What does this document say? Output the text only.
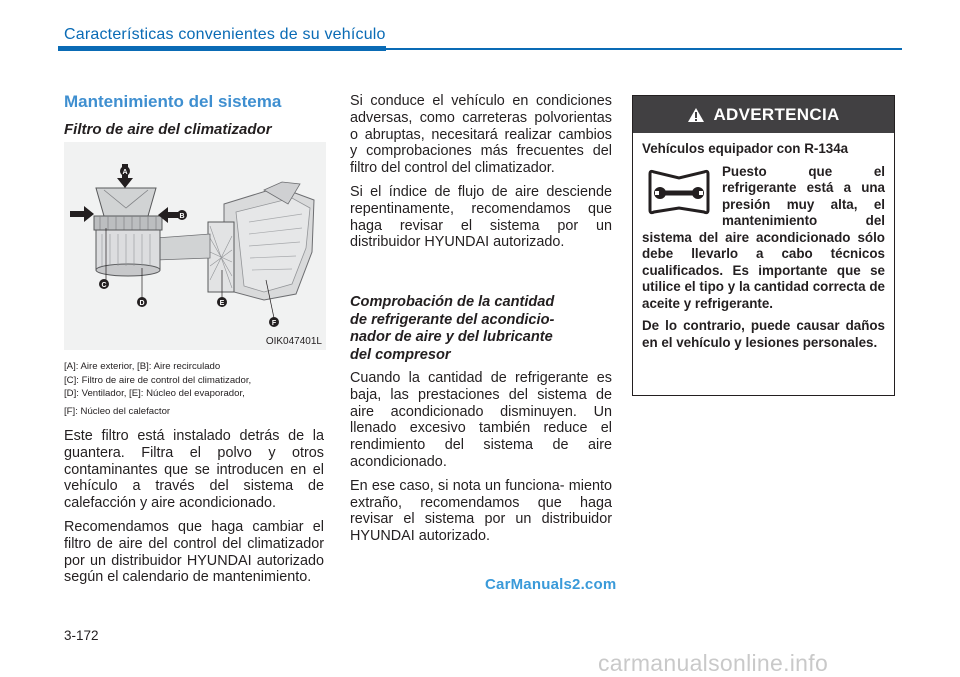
Características convenientes de su vehículo
Mantenimiento del sistema
Filtro de aire del climatizador
A
B
C
D	E
F
OIK047401L
[A]: Aire exterior, [B]: Aire recirculado
[C]: Filtro de aire de control del climatizador,
[D]: Ventilador, [E]: Núcleo del evaporador,
[F]: Núcleo del calefactor

Este filtro está instalado detrás de la guantera. Filtra el polvo y otros contaminantes que se introducen en el vehículo a través del sistema de calefacción y aire acondicionado.

Recomendamos que haga cambiar el filtro de aire del control del climatizador por un distribuidor HYUNDAI autorizado según el calendario de mantenimiento.

Si conduce el vehículo en condiciones adversas, como carreteras polvorientas o abruptas, necesitará realizar cambios y comprobaciones más frecuentes del filtro del control del climatizador.

Si el índice de flujo de aire desciende repentinamente, recomendamos que haga revisar el sistema por un distribuidor HYUNDAI autorizado.

Comprobación de la cantidad
de refrigerante del acondicio-
nador de aire y del lubricante
del compresor

Cuando la cantidad de refrigerante es baja, las prestaciones del sistema de aire acondicionado disminuyen. Un llenado excesivo también reduce el rendimiento del sistema de aire acondicionado.

En ese caso, si nota un funciona- miento extraño, recomendamos que haga revisar el sistema por un distribuidor HYUNDAI autorizado.

ADVERTENCIA

Vehículos equipador con R-134a

Puesto que el refrigerante está a una presión muy alta, el mantenimiento del sistema del aire acondicionado sólo debe llevarlo a cabo técnicos cualificados. Es importante que se utilice el tipo y la cantidad correcta de aceite y refrigerante.

De lo contrario, puede causar daños en el vehículo y lesiones personales.

3-172
CarManuals2.com
carmanualsonline.info
